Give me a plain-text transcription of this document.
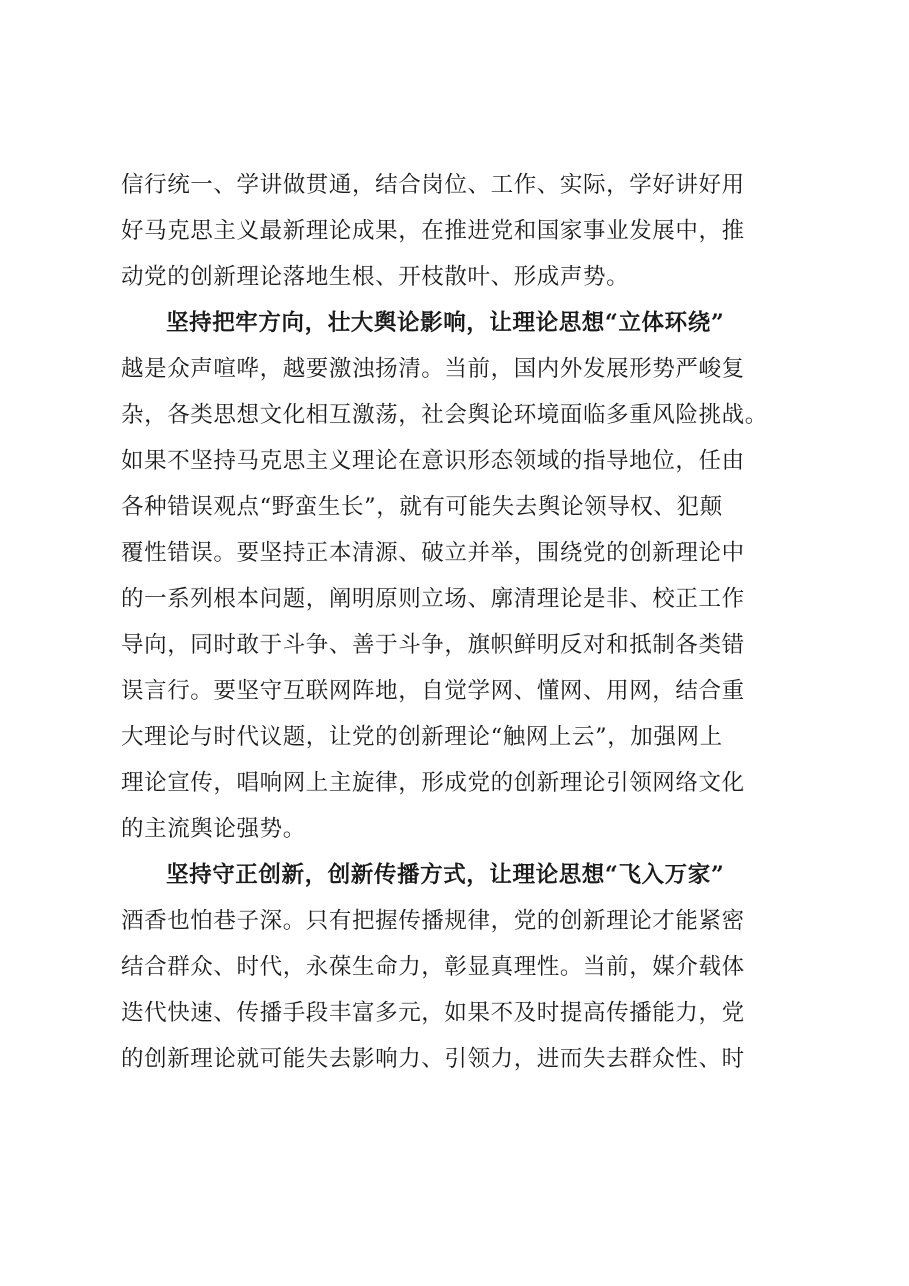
信行统一、学讲做贯通，结合岗位、工作、实际，学好讲好用
好马克思主义最新理论成果，在推进党和国家事业发展中，推
动党的创新理论落地生根、开枝散叶、形成声势。
坚持把牢方向，壮大舆论影响，让理论思想“立体环绕”
越是众声喧哗，越要激浊扬清。当前，国内外发展形势严峻复
杂，各类思想文化相互激荡，社会舆论环境面临多重风险挑战。
如果不坚持马克思主义理论在意识形态领域的指导地位，任由
各种错误观点“野蛮生长”，就有可能失去舆论领导权、犯颠
覆性错误。要坚持正本清源、破立并举，围绕党的创新理论中
的一系列根本问题，阐明原则立场、廓清理论是非、校正工作
导向，同时敢于斗争、善于斗争，旗帜鲜明反对和抵制各类错
误言行。要坚守互联网阵地，自觉学网、懂网、用网，结合重
大理论与时代议题，让党的创新理论“触网上云”，加强网上
理论宣传，唱响网上主旋律，形成党的创新理论引领网络文化
的主流舆论强势。
坚持守正创新，创新传播方式，让理论思想“飞入万家”
酒香也怕巷子深。只有把握传播规律，党的创新理论才能紧密
结合群众、时代，永葆生命力，彰显真理性。当前，媒介载体
迭代快速、传播手段丰富多元，如果不及时提高传播能力，党
的创新理论就可能失去影响力、引领力，进而失去群众性、时
